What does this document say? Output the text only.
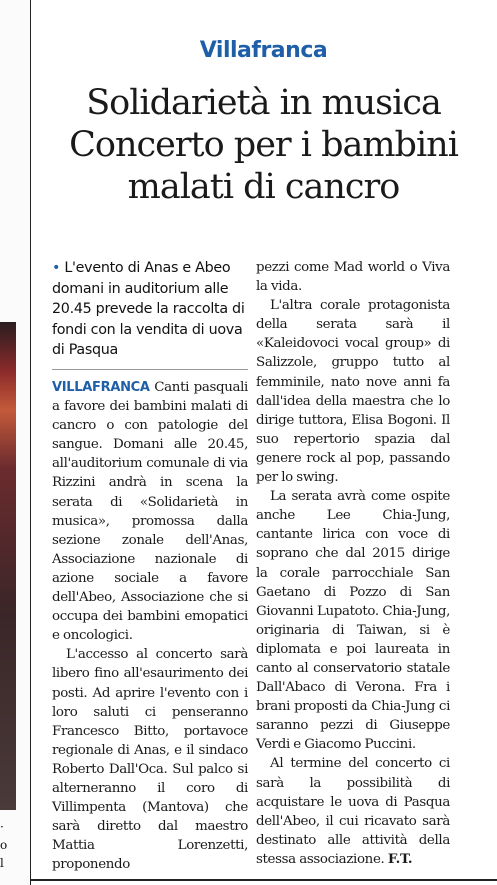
·
o
l
Villafranca
Solidarietà in musica
Concerto per i bambini
malati di cancro
• L'evento di Anas e Abeo domani in auditorium alle 20.45 prevede la raccolta di fondi con la vendita di uova di Pasqua

VILLAFRANCA Canti pasquali a favore dei bambini malati di cancro o con patologie del sangue. Domani alle 20.45, all'auditorium comunale di via Rizzini andrà in scena la serata di «Solidarietà in musica», promossa dalla sezione zonale dell'Anas, Associazione nazionale di azione sociale a favore dell'Abeo, Associazione che si occupa dei bambini emopatici e oncologici.

L'accesso al concerto sarà libero fino all'esaurimento dei posti. Ad aprire l'evento con i loro saluti ci penseranno Francesco Bitto, portavoce regionale di Anas, e il sindaco Roberto Dall'Oca. Sul palco si alterneranno il coro di Villimpenta (Mantova) che sarà diretto dal maestro Mattia Lorenzetti, proponendo

pezzi come Mad world o Viva la vida.

L'altra corale protagonista della serata sarà il «Kaleidovoci vocal group» di Salizzole, gruppo tutto al femminile, nato nove anni fa dall'idea della maestra che lo dirige tuttora, Elisa Bogoni. Il suo repertorio spazia dal genere rock al pop, passando per lo swing.

La serata avrà come ospite anche Lee Chia-Jung, cantante lirica con voce di soprano che dal 2015 dirige la corale parrocchiale San Gaetano di Pozzo di San Giovanni Lupatoto. Chia-Jung, originaria di Taiwan, si è diplomata e poi laureata in canto al conservatorio statale Dall'Abaco di Verona. Fra i brani proposti da Chia-Jung ci saranno pezzi di Giuseppe Verdi e Giacomo Puccini.

Al termine del concerto ci sarà la possibilità di acquistare le uova di Pasqua dell'Abeo, il cui ricavato sarà destinato alle attività della stessa associazione. F.T.
